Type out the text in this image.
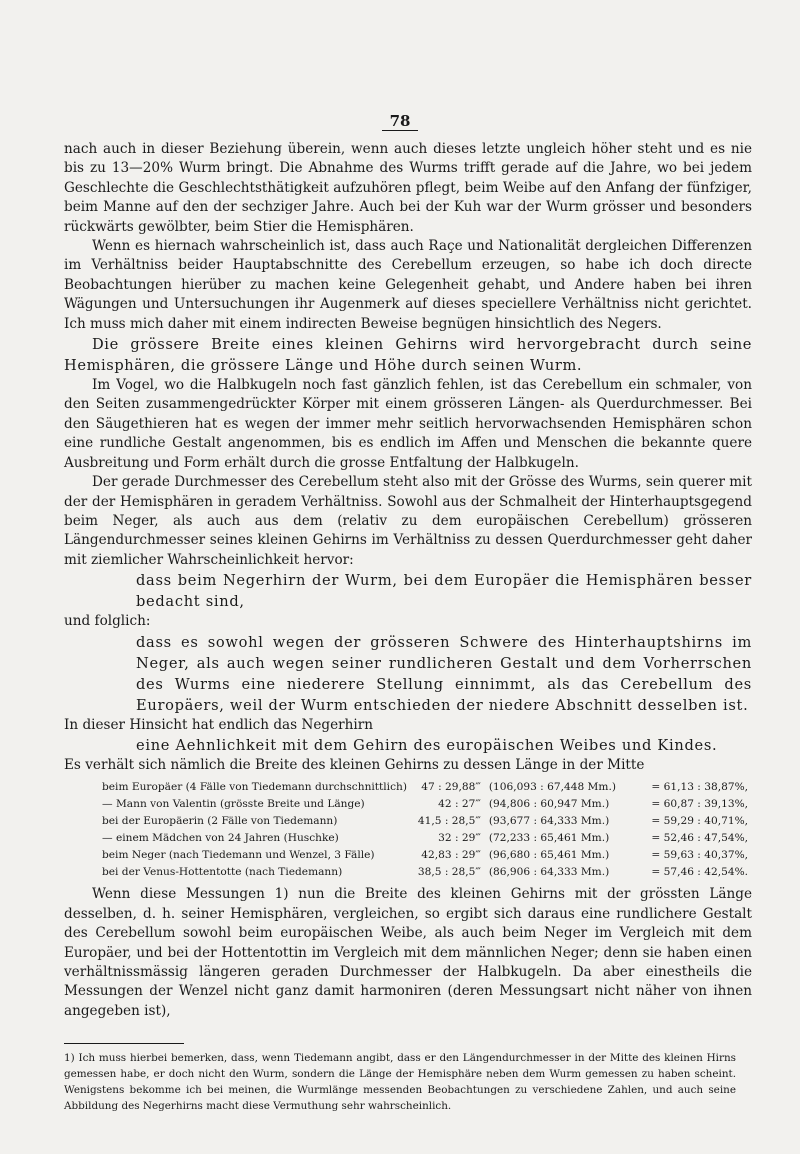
78

nach auch in dieser Beziehung überein, wenn auch dieses letzte ungleich höher steht und es nie bis zu 13—20% Wurm bringt. Die Abnahme des Wurms trifft gerade auf die Jahre, wo bei jedem Geschlechte die Geschlechtsthätigkeit aufzuhören pflegt, beim Weibe auf den Anfang der fünfziger, beim Manne auf den der sechziger Jahre. Auch bei der Kuh war der Wurm grösser und besonders rückwärts gewölbter, beim Stier die Hemisphären.

Wenn es hiernach wahrscheinlich ist, dass auch Raçe und Nationalität dergleichen Differenzen im Verhältniss beider Hauptabschnitte des Cerebellum erzeugen, so habe ich doch directe Beobachtungen hierüber zu machen keine Gelegenheit gehabt, und Andere haben bei ihren Wägungen und Untersuchungen ihr Augenmerk auf dieses speciellere Verhältniss nicht gerichtet. Ich muss mich daher mit einem indirecten Beweise begnügen hinsichtlich des Negers.

Die grössere Breite eines kleinen Gehirns wird hervorgebracht durch seine Hemisphären, die grössere Länge und Höhe durch seinen Wurm.

Im Vogel, wo die Halbkugeln noch fast gänzlich fehlen, ist das Cerebellum ein schmaler, von den Seiten zusammengedrückter Körper mit einem grösseren Längen- als Querdurchmesser. Bei den Säugethieren hat es wegen der immer mehr seitlich hervorwachsenden Hemisphären schon eine rundliche Gestalt angenommen, bis es endlich im Affen und Menschen die bekannte quere Ausbreitung und Form erhält durch die grosse Entfaltung der Halbkugeln.

Der gerade Durchmesser des Cerebellum steht also mit der Grösse des Wurms, sein querer mit der der Hemisphären in geradem Verhältniss. Sowohl aus der Schmalheit der Hinterhauptsgegend beim Neger, als auch aus dem (relativ zu dem europäischen Cerebellum) grösseren Längendurchmesser seines kleinen Gehirns im Verhältniss zu dessen Querdurchmesser geht daher mit ziemlicher Wahrscheinlichkeit hervor:

dass beim Negerhirn der Wurm, bei dem Europäer die Hemisphären besser bedacht sind,

und folglich:

dass es sowohl wegen der grösseren Schwere des Hinterhauptshirns im Neger, als auch wegen seiner rundlicheren Gestalt und dem Vorherrschen des Wurms eine niederere Stellung einnimmt, als das Cerebellum des Europäers, weil der Wurm entschieden der niedere Abschnitt desselben ist.

In dieser Hinsicht hat endlich das Negerhirn

eine Aehnlichkeit mit dem Gehirn des europäischen Weibes und Kindes.

Es verhält sich nämlich die Breite des kleinen Gehirns zu dessen Länge in der Mitte

beim Europäer (4 Fälle von Tiedemann durchschnittlich)	47 : 29,88‴	(106,093 : 67,448 Mm.)	= 61,13 : 38,87%,
— Mann von Valentin (grösste Breite und Länge)	42 : 27‴	(94,806 : 60,947 Mm.)	= 60,87 : 39,13%,
bei der Europäerin (2 Fälle von Tiedemann)	41,5 : 28,5‴	(93,677 : 64,333 Mm.)	= 59,29 : 40,71%,
— einem Mädchen von 24 Jahren (Huschke)	32 : 29‴	(72,233 : 65,461 Mm.)	= 52,46 : 47,54%,
beim Neger (nach Tiedemann und Wenzel, 3 Fälle)	42,83 : 29‴	(96,680 : 65,461 Mm.)	= 59,63 : 40,37%,
bei der Venus-Hottentotte (nach Tiedemann)	38,5 : 28,5‴	(86,906 : 64,333 Mm.)	= 57,46 : 42,54%.

Wenn diese Messungen 1) nun die Breite des kleinen Gehirns mit der grössten Länge desselben, d. h. seiner Hemisphären, vergleichen, so ergibt sich daraus eine rundlichere Gestalt des Cerebellum sowohl beim europäischen Weibe, als auch beim Neger im Vergleich mit dem Europäer, und bei der Hottentottin im Vergleich mit dem männlichen Neger; denn sie haben einen verhältnissmässig längeren geraden Durchmesser der Halbkugeln. Da aber einestheils die Messungen der Wenzel nicht ganz damit harmoniren (deren Messungsart nicht näher von ihnen angegeben ist),

1) Ich muss hierbei bemerken, dass, wenn Tiedemann angibt, dass er den Längendurchmesser in der Mitte des kleinen Hirns gemessen habe, er doch nicht den Wurm, sondern die Länge der Hemisphäre neben dem Wurm gemessen zu haben scheint. Wenigstens bekomme ich bei meinen, die Wurmlänge messenden Beobachtungen zu verschiedene Zahlen, und auch seine Abbildung des Negerhirns macht diese Vermuthung sehr wahrscheinlich.
